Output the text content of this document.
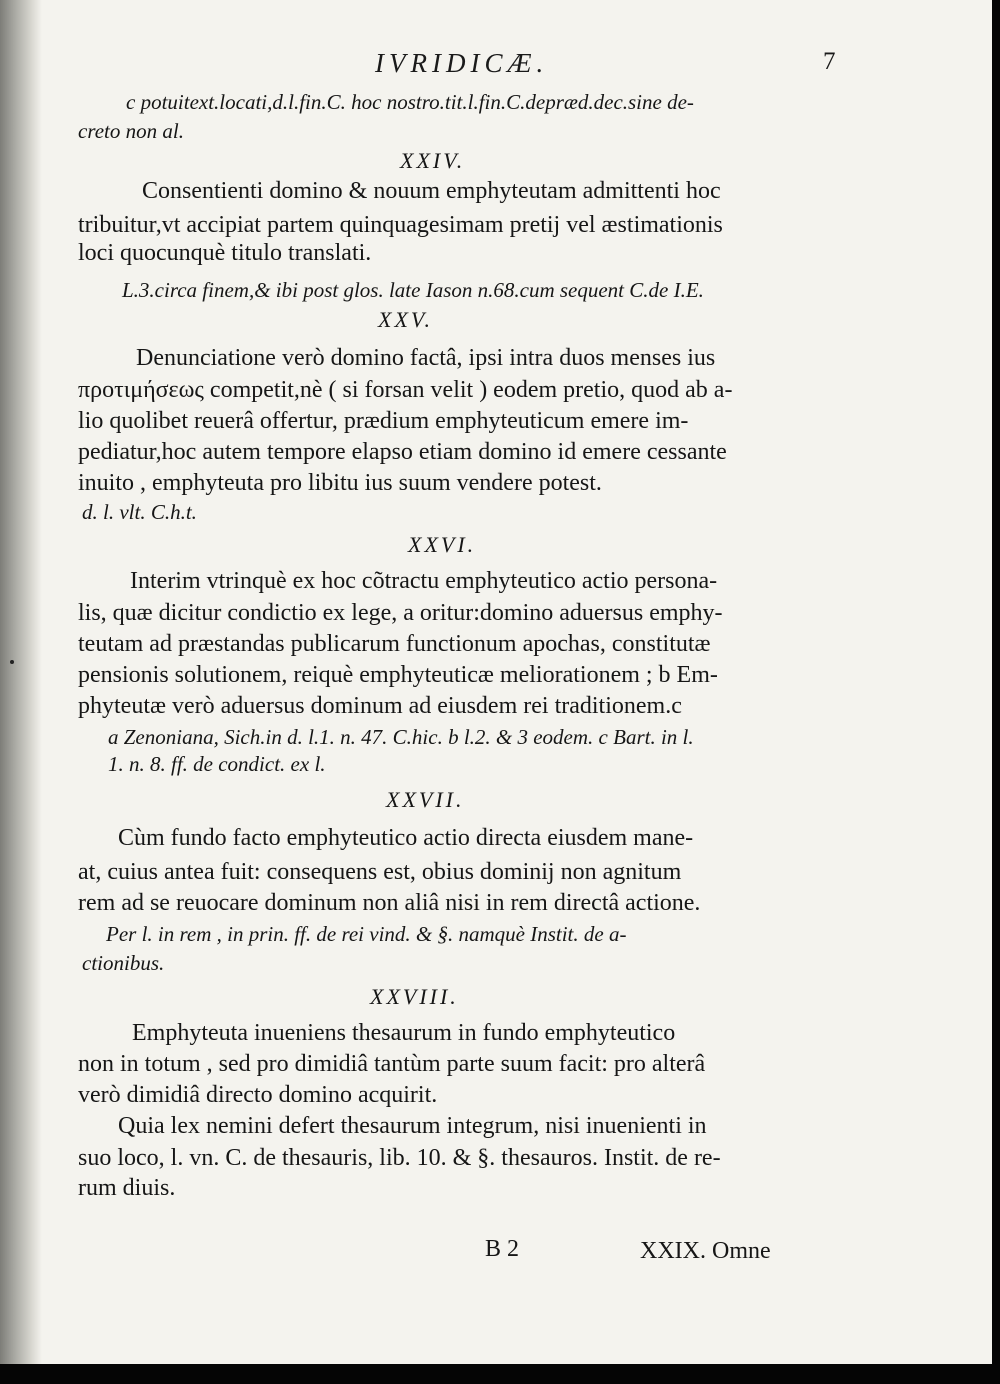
IVRIDICÆ.	7
c potuitext.locati,d.l.fin.C. hoc nostro.tit.l.fin.C.depræd.dec.sine de-
creto non al.
XXIV.
Consentienti domino & nouum emphyteutam admittenti hoc
tribuitur,vt accipiat partem quinquagesimam pretij vel æstimationis
loci quocunquè titulo translati.
L.3.circa finem,& ibi post glos. late Iason n.68.cum sequent C.de I.E.
XXV.
Denunciatione verò domino factâ, ipsi intra duos menses ius
προτιμήσεως competit,nè ( si forsan velit ) eodem pretio, quod ab a-
lio quolibet reuerâ offertur, prædium emphyteuticum emere im-
pediatur,hoc autem tempore elapso etiam domino id emere cessante
inuito , emphyteuta pro libitu ius suum vendere potest.
d. l. vlt. C.h.t.
XXVI.
Interim vtrinquè ex hoc cõtractu emphyteutico actio persona-
lis, quæ dicitur condictio ex lege, a oritur:domino aduersus emphy-
teutam ad præstandas publicarum functionum apochas, constitutæ
pensionis solutionem, reiquè emphyteuticæ meliorationem ; b Em-
phyteutæ verò aduersus dominum ad eiusdem rei traditionem.c
a Zenoniana, Sich.in d. l.1. n. 47. C.hic. b l.2. & 3 eodem. c Bart. in l.
1. n. 8. ff. de condict. ex l.
XXVII.
Cùm fundo facto emphyteutico actio directa eiusdem mane-
at, cuius antea fuit: consequens est, obius dominij non agnitum
rem ad se reuocare dominum non aliâ nisi in rem directâ actione.
Per l. in rem , in prin. ff. de rei vind. & §. namquè Instit. de a-
ctionibus.
XXVIII.
Emphyteuta inueniens thesaurum in fundo emphyteutico
non in totum , sed pro dimidiâ tantùm parte suum facit: pro alterâ
verò dimidiâ directo domino acquirit.
Quia lex nemini defert thesaurum integrum, nisi inuenienti in
suo loco, l. vn. C. de thesauris, lib. 10. & §. thesauros. Instit. de re-
rum diuis.
B 2	XXIX. Omne
